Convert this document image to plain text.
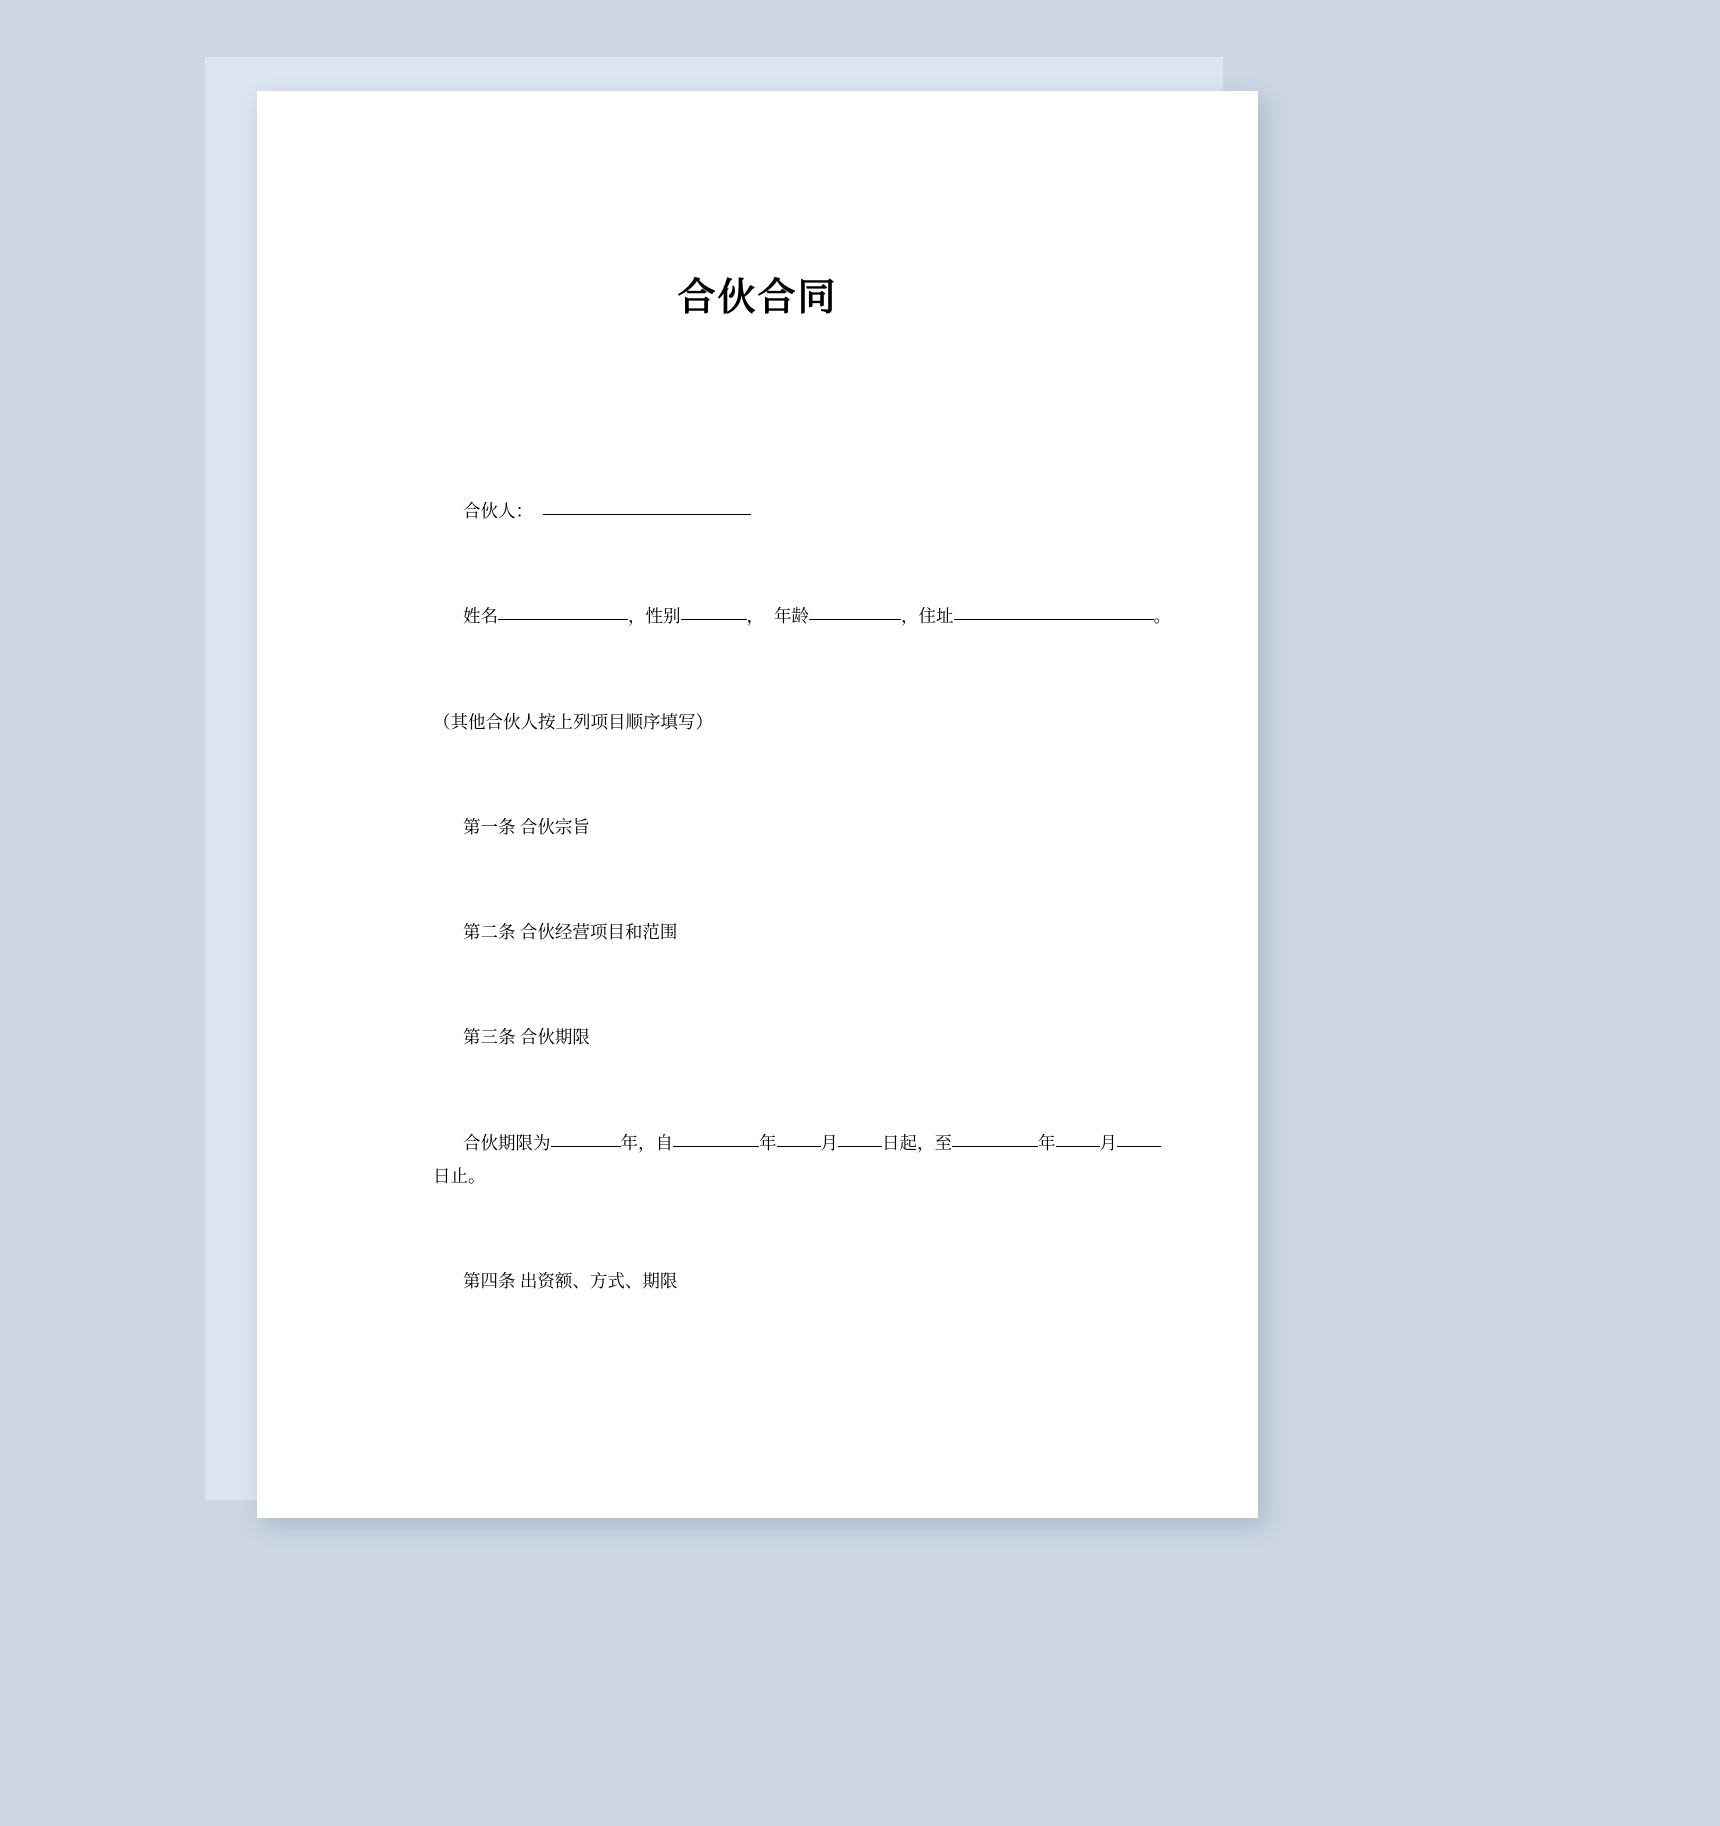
合伙合同

合伙人：

姓名	，性别	， 年龄	，住址	。

（其他合伙人按上列项目顺序填写）

第一条 合伙宗旨

第二条 合伙经营项目和范围

第三条 合伙期限

合伙期限为	年，自	年	月	日起，至	年	月
日止。

第四条 出资额、方式、期限
